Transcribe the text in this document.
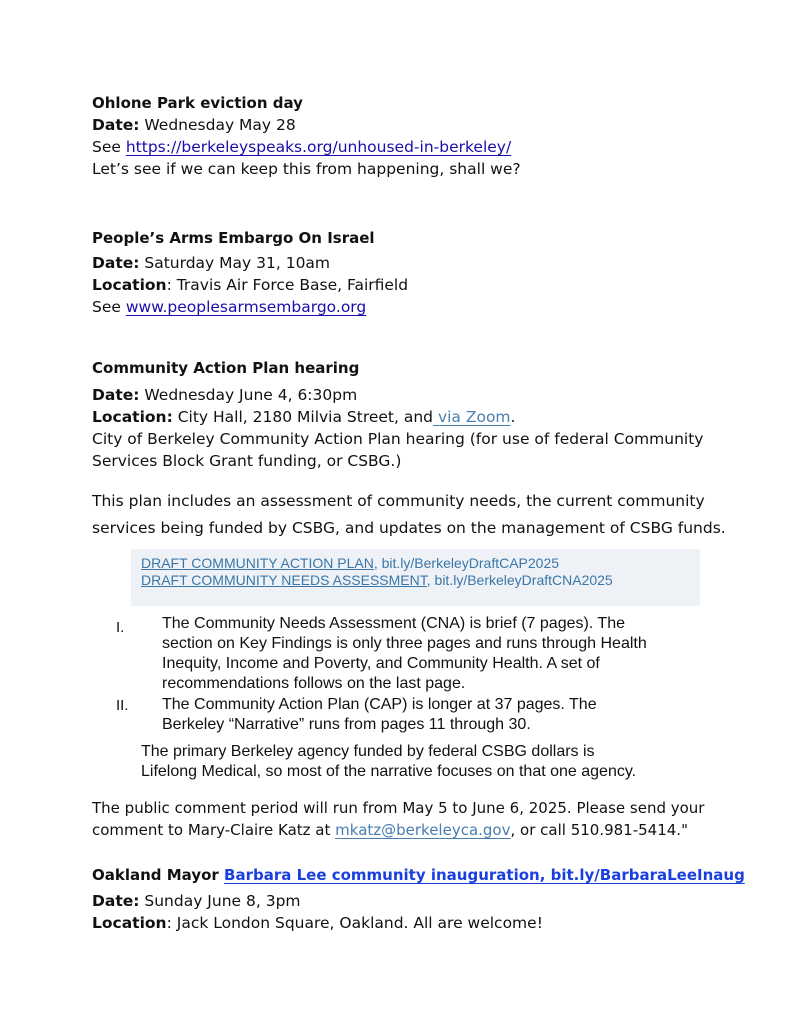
Ohlone Park eviction day
Date: Wednesday May 28
See https://berkeleyspeaks.org/unhoused-in-berkeley/
Let’s see if we can keep this from happening, shall we?
People’s Arms Embargo On Israel
Date: Saturday May 31, 10am
Location: Travis Air Force Base, Fairfield
See www.peoplesarmsembargo.org
Community Action Plan hearing
Date: Wednesday June 4, 6:30pm
Location: City Hall, 2180 Milvia Street, and via Zoom.
City of Berkeley Community Action Plan hearing (for use of federal Community
Services Block Grant funding, or CSBG.)
This plan includes an assessment of community needs, the current community
services being funded by CSBG, and updates on the management of CSBG funds.
DRAFT COMMUNITY ACTION PLAN, bit.ly/BerkeleyDraftCAP2025
DRAFT COMMUNITY NEEDS ASSESSMENT, bit.ly/BerkeleyDraftCNA2025
I. The Community Needs Assessment (CNA) is brief (7 pages). The
section on Key Findings is only three pages and runs through Health
Inequity, Income and Poverty, and Community Health. A set of
recommendations follows on the last page.
II. The Community Action Plan (CAP) is longer at 37 pages. The
Berkeley “Narrative” runs from pages 11 through 30.
The primary Berkeley agency funded by federal CSBG dollars is
Lifelong Medical, so most of the narrative focuses on that one agency.
The public comment period will run from May 5 to June 6, 2025. Please send your
comment to Mary-Claire Katz at mkatz@berkeleyca.gov, or call 510.981-5414."
Oakland Mayor Barbara Lee community inauguration, bit.ly/BarbaraLeeInaug
Date: Sunday June 8, 3pm
Location: Jack London Square, Oakland. All are welcome!
